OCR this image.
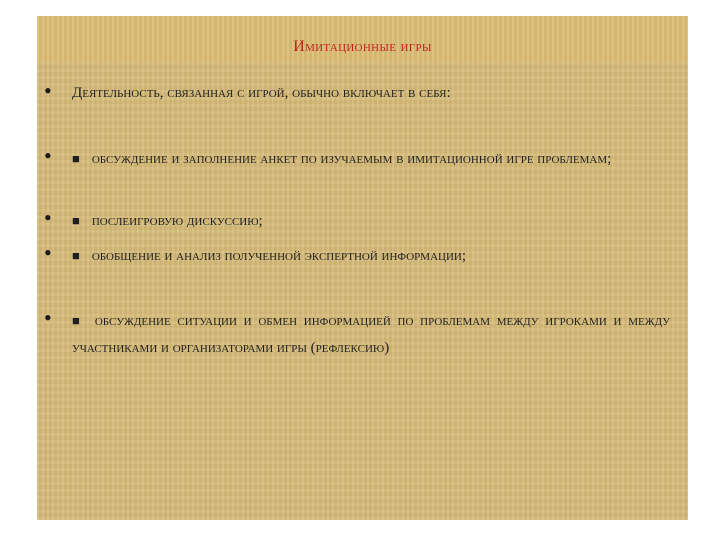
Имитационные игры
• Деятельность, связанная с игрой, обычно включает в себя:
• ■ обсуждение и заполнение анкет по изучаемым в имитационной игре проблемам;
• ■ послеигровую дискуссию;
• ■ обобщение и анализ полученной экспертной информации;
• ■ обсуждение ситуации и обмен информацией по проблемам между игроками и между участниками и организаторами игры (рефлексию)
